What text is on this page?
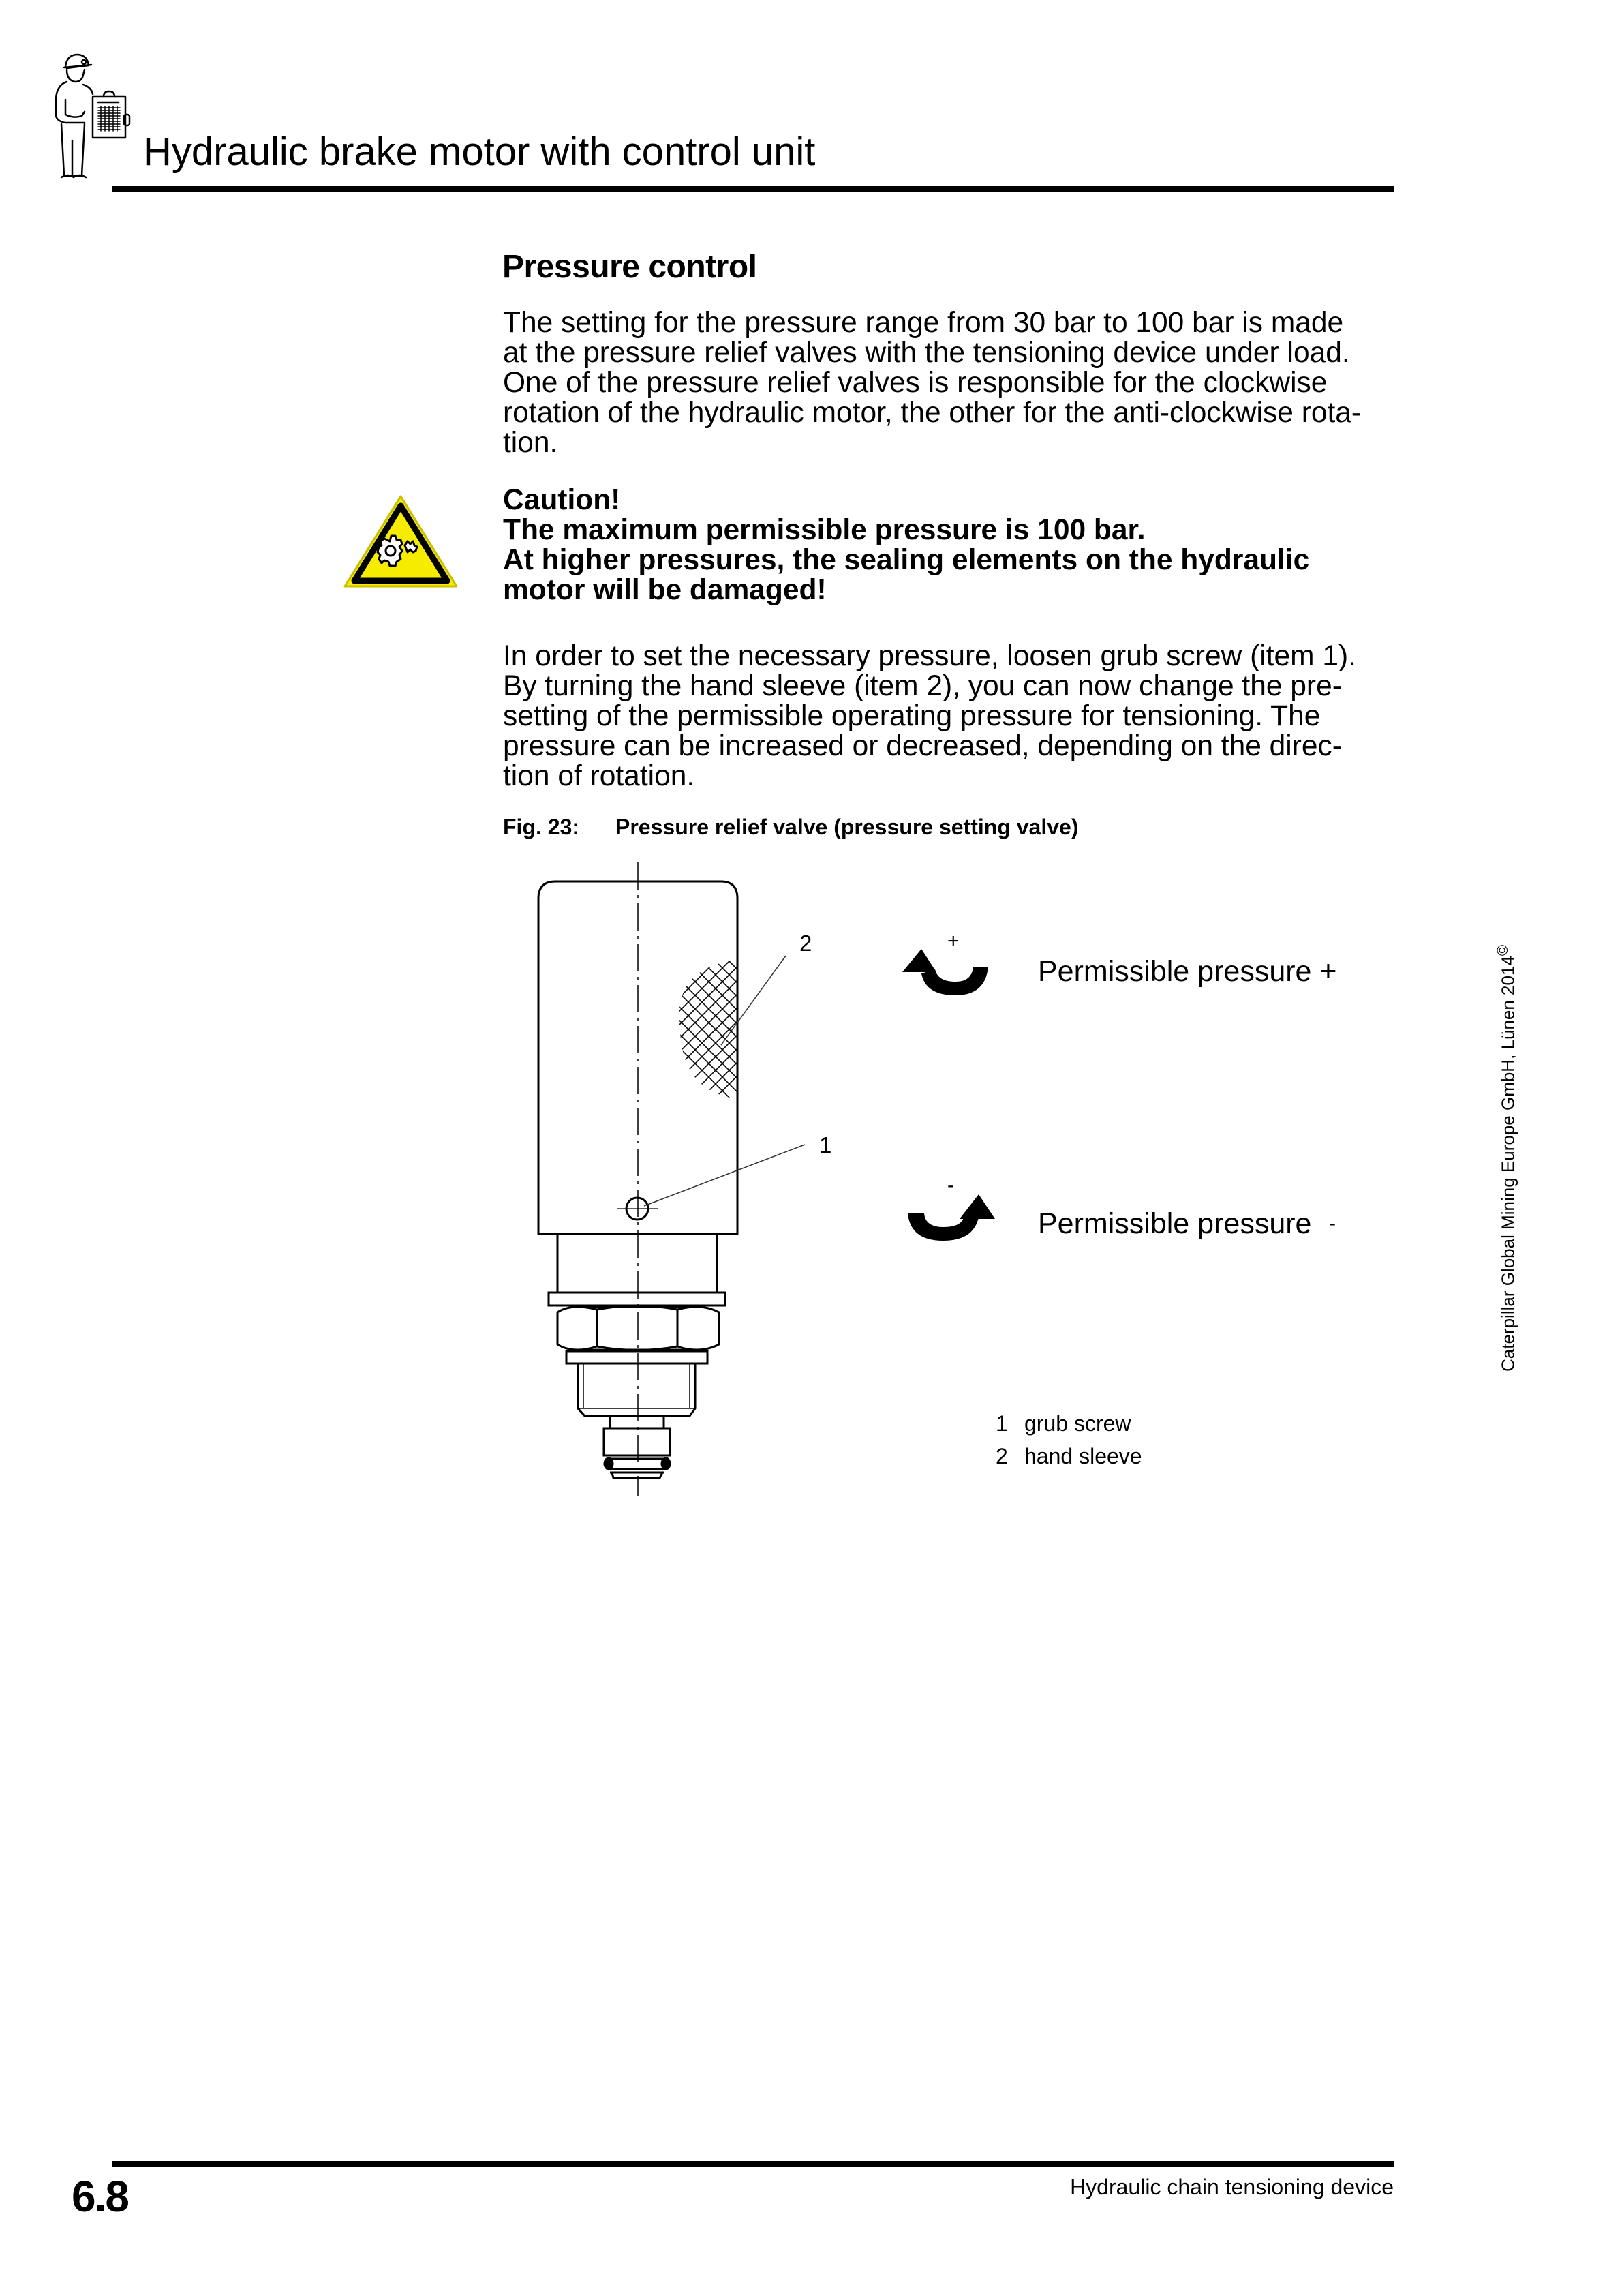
Hydraulic brake motor with control unit
Pressure control
The setting for the pressure range from 30 bar to 100 bar is made
at the pressure relief valves with the tensioning device under load.
One of the pressure relief valves is responsible for the clockwise
rotation of the hydraulic motor, the other for the anti-clockwise rota-
tion.
Caution!
The maximum permissible pressure is 100 bar.
At higher pressures, the sealing elements on the hydraulic
motor will be damaged!
In order to set the necessary pressure, loosen grub screw (item 1).
By turning the hand sleeve (item 2), you can now change the pre-
setting of the permissible operating pressure for tensioning. The
pressure can be increased or decreased, depending on the direc-
tion of rotation.
Fig. 23: Pressure relief valve (pressure setting valve)
2
1
+
Permissible pressure +
-
Permissible pressure -
1 grub screw
2 hand sleeve
Caterpillar Global Mining Europe GmbH, Lünen 2014©
6.8	Hydraulic chain tensioning device
